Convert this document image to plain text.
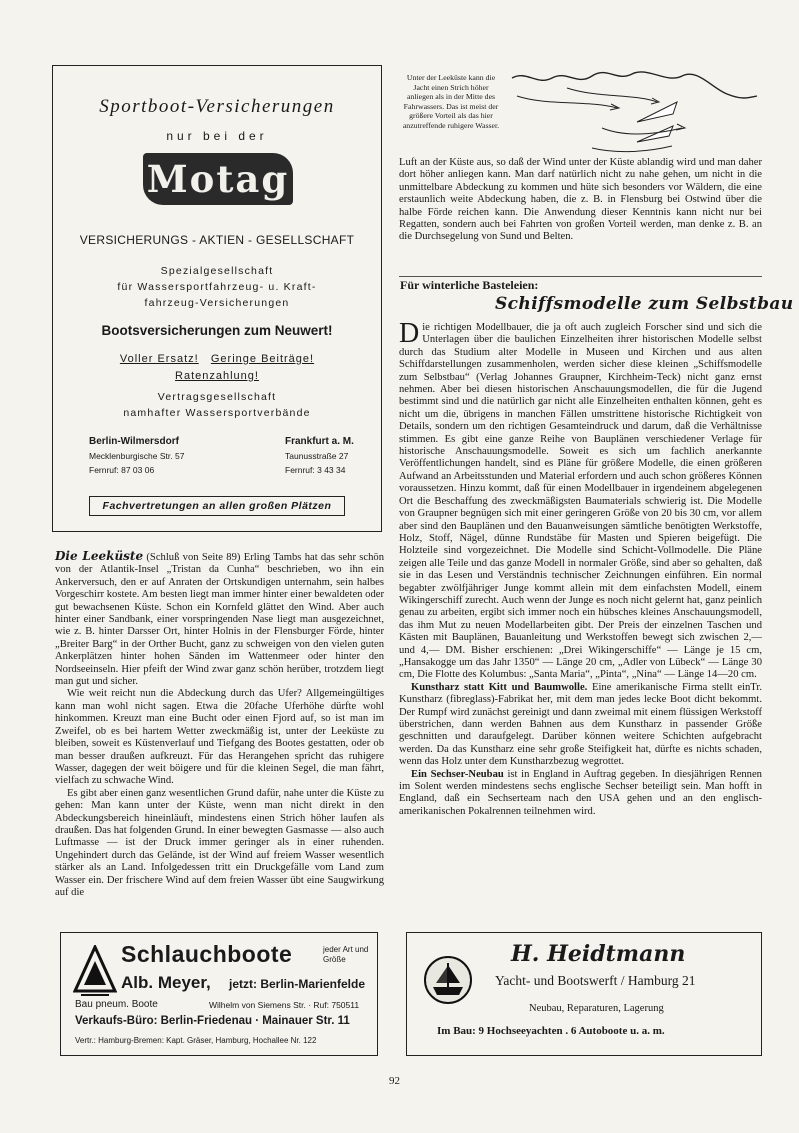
Sportboot-Versicherungen
nur bei der
Motag
VERSICHERUNGS - AKTIEN - GESELLSCHAFT
Spezialgesellschaft
für Wassersportfahrzeug- u. Kraft-
fahrzeug-Versicherungen
Bootsversicherungen zum Neuwert!
Voller Ersatz! Geringe Beiträge!
Ratenzahlung!
Vertragsgesellschaft
namhafter Wassersportverbände
Berlin-Wilmersdorf
Mecklenburgische Str. 57
Fernruf: 87 03 06
Frankfurt a. M.
Taunusstraße 27
Fernruf: 3 43 34
Fachvertretungen an allen großen Plätzen

Die Leeküste (Schluß von Seite 89) Erling Tambs hat das sehr schön von der Atlantik-Insel „Tristan da Cunha“ beschrieben, wo ihn ein Ankerversuch, den er auf Anraten der Ortskundigen unternahm, sein halbes Vorgeschirr kostete. Am besten liegt man immer hinter einer bewaldeten oder gut bewachsenen Küste. Schon ein Kornfeld glättet den Wind. Aber auch hinter einer Sandbank, einer vorspringenden Nase liegt man ausgezeichnet, wie z. B. hinter Darsser Ort, hinter Holnis in der Flensburger Förde, hinter „Breiter Barg“ in der Orther Bucht, ganz zu schweigen von den vielen guten Ankerplätzen hinter hohen Sänden im Wattenmeer oder hinter den Nordseeinseln. Hier pfeift der Wind zwar ganz schön herüber, trotzdem liegt man gut und sicher.

Wie weit reicht nun die Abdeckung durch das Ufer? Allgemeingültiges kann man wohl nicht sagen. Etwa die 20fache Uferhöhe dürfte wohl hinkommen. Kreuzt man eine Bucht oder einen Fjord auf, so ist man im Zweifel, ob es bei hartem Wetter zweckmäßig ist, unter der Leeküste zu bleiben, soweit es Küstenverlauf und Tiefgang des Bootes gestatten, oder ob man besser draußen aufkreuzt. Für das Herangehen spricht das ruhigere Wasser, dagegen der weit böigere und für die kleinen Segel, die man fährt, vielfach zu schwache Wind.

Es gibt aber einen ganz wesentlichen Grund dafür, nahe unter die Küste zu gehen: Man kann unter der Küste, wenn man nicht direkt in den Abdeckungsbereich hineinläuft, mindestens einen Strich höher laufen als draußen. Das hat folgenden Grund. In einer bewegten Gasmasse — also auch Luftmasse — ist der Druck immer geringer als in einer ruhenden. Ungehindert durch das Gelände, ist der Wind auf freiem Wasser wesentlich stärker als an Land. Infolgedessen tritt ein Druckgefälle vom Land zum Wasser ein. Der frischere Wind auf dem freien Wasser übt eine Saugwirkung auf die

Unter der Leeküste kann die Jacht einen Strich höher anliegen als in der Mitte des Fahrwassers. Das ist meist der größere Vorteil als das hier anzutreffende ruhigere Wasser.

Luft an der Küste aus, so daß der Wind unter der Küste ablandig wird und man daher dort höher anliegen kann. Man darf natürlich nicht zu nahe gehen, um nicht in die unmittelbare Abdeckung zu kommen und hüte sich besonders vor Wäldern, die eine erstaunlich weite Abdeckung haben, die z. B. in Flensburg bei Ostwind über die halbe Förde reichen kann. Die Anwendung dieser Kenntnis kann nicht nur bei Regatten, sondern auch bei Fahrten von großen Vorteil werden, man denke z. B. an die Durchsegelung von Sund und Belten.

Für winterliche Basteleien:
Schiffsmodelle zum Selbstbau

Die richtigen Modellbauer, die ja oft auch zugleich Forscher sind und sich die Unterlagen über die baulichen Einzelheiten ihrer historischen Modelle selbst durch das Studium alter Modelle in Museen und Kirchen und aus alten Schiffdarstellungen zusammenholen, werden sicher diese kleinen „Schiffsmodelle zum Selbstbau“ (Verlag Johannes Graupner, Kirchheim-Teck) nicht ganz ernst nehmen. Aber bei diesen historischen Anschauungsmodellen, die für die Jugend bestimmt sind und die natürlich gar nicht alle Einzelheiten enthalten können, geht es nicht um die, übrigens in manchen Fällen umstrittene historische Richtigkeit von Details, sondern um den richtigen Gesamteindruck und darum, daß die Verhältnisse stimmen. Es gibt eine ganze Reihe von Bauplänen verschiedener Verlage für historische Anschauungsmodelle. Soweit es sich um fachlich anerkannte Veröffentlichungen handelt, sind es Pläne für größere Modelle, die einen größeren Aufwand an Arbeitsstunden und Material erfordern und auch schon größeres Können voraussetzen. Hinzu kommt, daß für einen Modellbauer in irgendeinem abgelegenen Ort die Beschaffung des zweckmäßigsten Baumaterials schwierig ist. Die Modelle von Graupner begnügen sich mit einer geringeren Größe von 20 bis 30 cm, vor allem aber sind den Bauplänen und den Bauanweisungen sämtliche benötigten Werkstoffe, Holz, Stoff, Nägel, dünne Rundstäbe für Masten und Spieren beigefügt. Die Holzteile sind vorgezeichnet. Die Modelle sind Schicht-Vollmodelle. Die Pläne zeigen alle Teile und das ganze Modell in normaler Größe, sind aber so gehalten, daß sie in das Lesen und Verständnis technischer Zeichnungen einführen. Ein normal begabter zwölfjähriger Junge kommt allein mit dem einfachsten Modell, einem Wikingerschiff zurecht. Auch wenn der Junge es noch nicht gelernt hat, ganz peinlich genau zu arbeiten, ergibt sich immer noch ein hübsches kleines Anschauungsmodell, das ihm Mut zu neuen Modellarbeiten gibt. Der Preis der einzelnen Taschen und Kästen mit Bauplänen, Bauanleitung und Werkstoffen bewegt sich zwischen 2,— und 4,— DM. Bisher erschienen: „Drei Wikingerschiffe“ — Länge je 15 cm, „Hansakogge um das Jahr 1350“ — Länge 20 cm, „Adler von Lübeck“ — Länge 30 cm, Die Flotte des Kolumbus: „Santa Maria“, „Pinta“, „Nina“ — Länge 14—20 cm.
Tr.

Kunstharz statt Kitt und Baumwolle. Eine amerikanische Firma stellt ein Kunstharz (fibreglass)-Fabrikat her, mit dem man jedes lecke Boot dicht bekommt. Der Rumpf wird zunächst gereinigt und dann zweimal mit einem flüssigen Werkstoff überstrichen, dann werden Bahnen aus dem Kunstharz in passender Größe geschnitten und daraufgelegt. Darüber können weitere Schichten aufgebracht werden. Da das Kunstharz eine sehr große Steifigkeit hat, dürfte es nichts schaden, wenn das Holz unter dem Kunstharzbezug wegrottet.

Ein Sechser-Neubau ist in England in Auftrag gegeben. In diesjährigen Rennen im Solent werden mindestens sechs englische Sechser beteiligt sein. Man hofft in England, daß ein Sechserteam nach den USA gehen und an den englisch-amerikanischen Pokalrennen teilnehmen wird.

Schlauchboote	jeder Art und Größe
Alb. Meyer, jetzt: Berlin-Marienfelde
Bau pneum. Boote	Wilhelm von Siemens Str. · Ruf: 750511
Verkaufs-Büro: Berlin-Friedenau · Mainauer Str. 11
Vertr.: Hamburg-Bremen: Kapt. Gräser, Hamburg, Hochallee Nr. 122
H. Heidtmann
Yacht- und Bootswerft / Hamburg 21
Neubau, Reparaturen, Lagerung
Im Bau: 9 Hochseeyachten . 6 Autoboote u. a. m.
92
